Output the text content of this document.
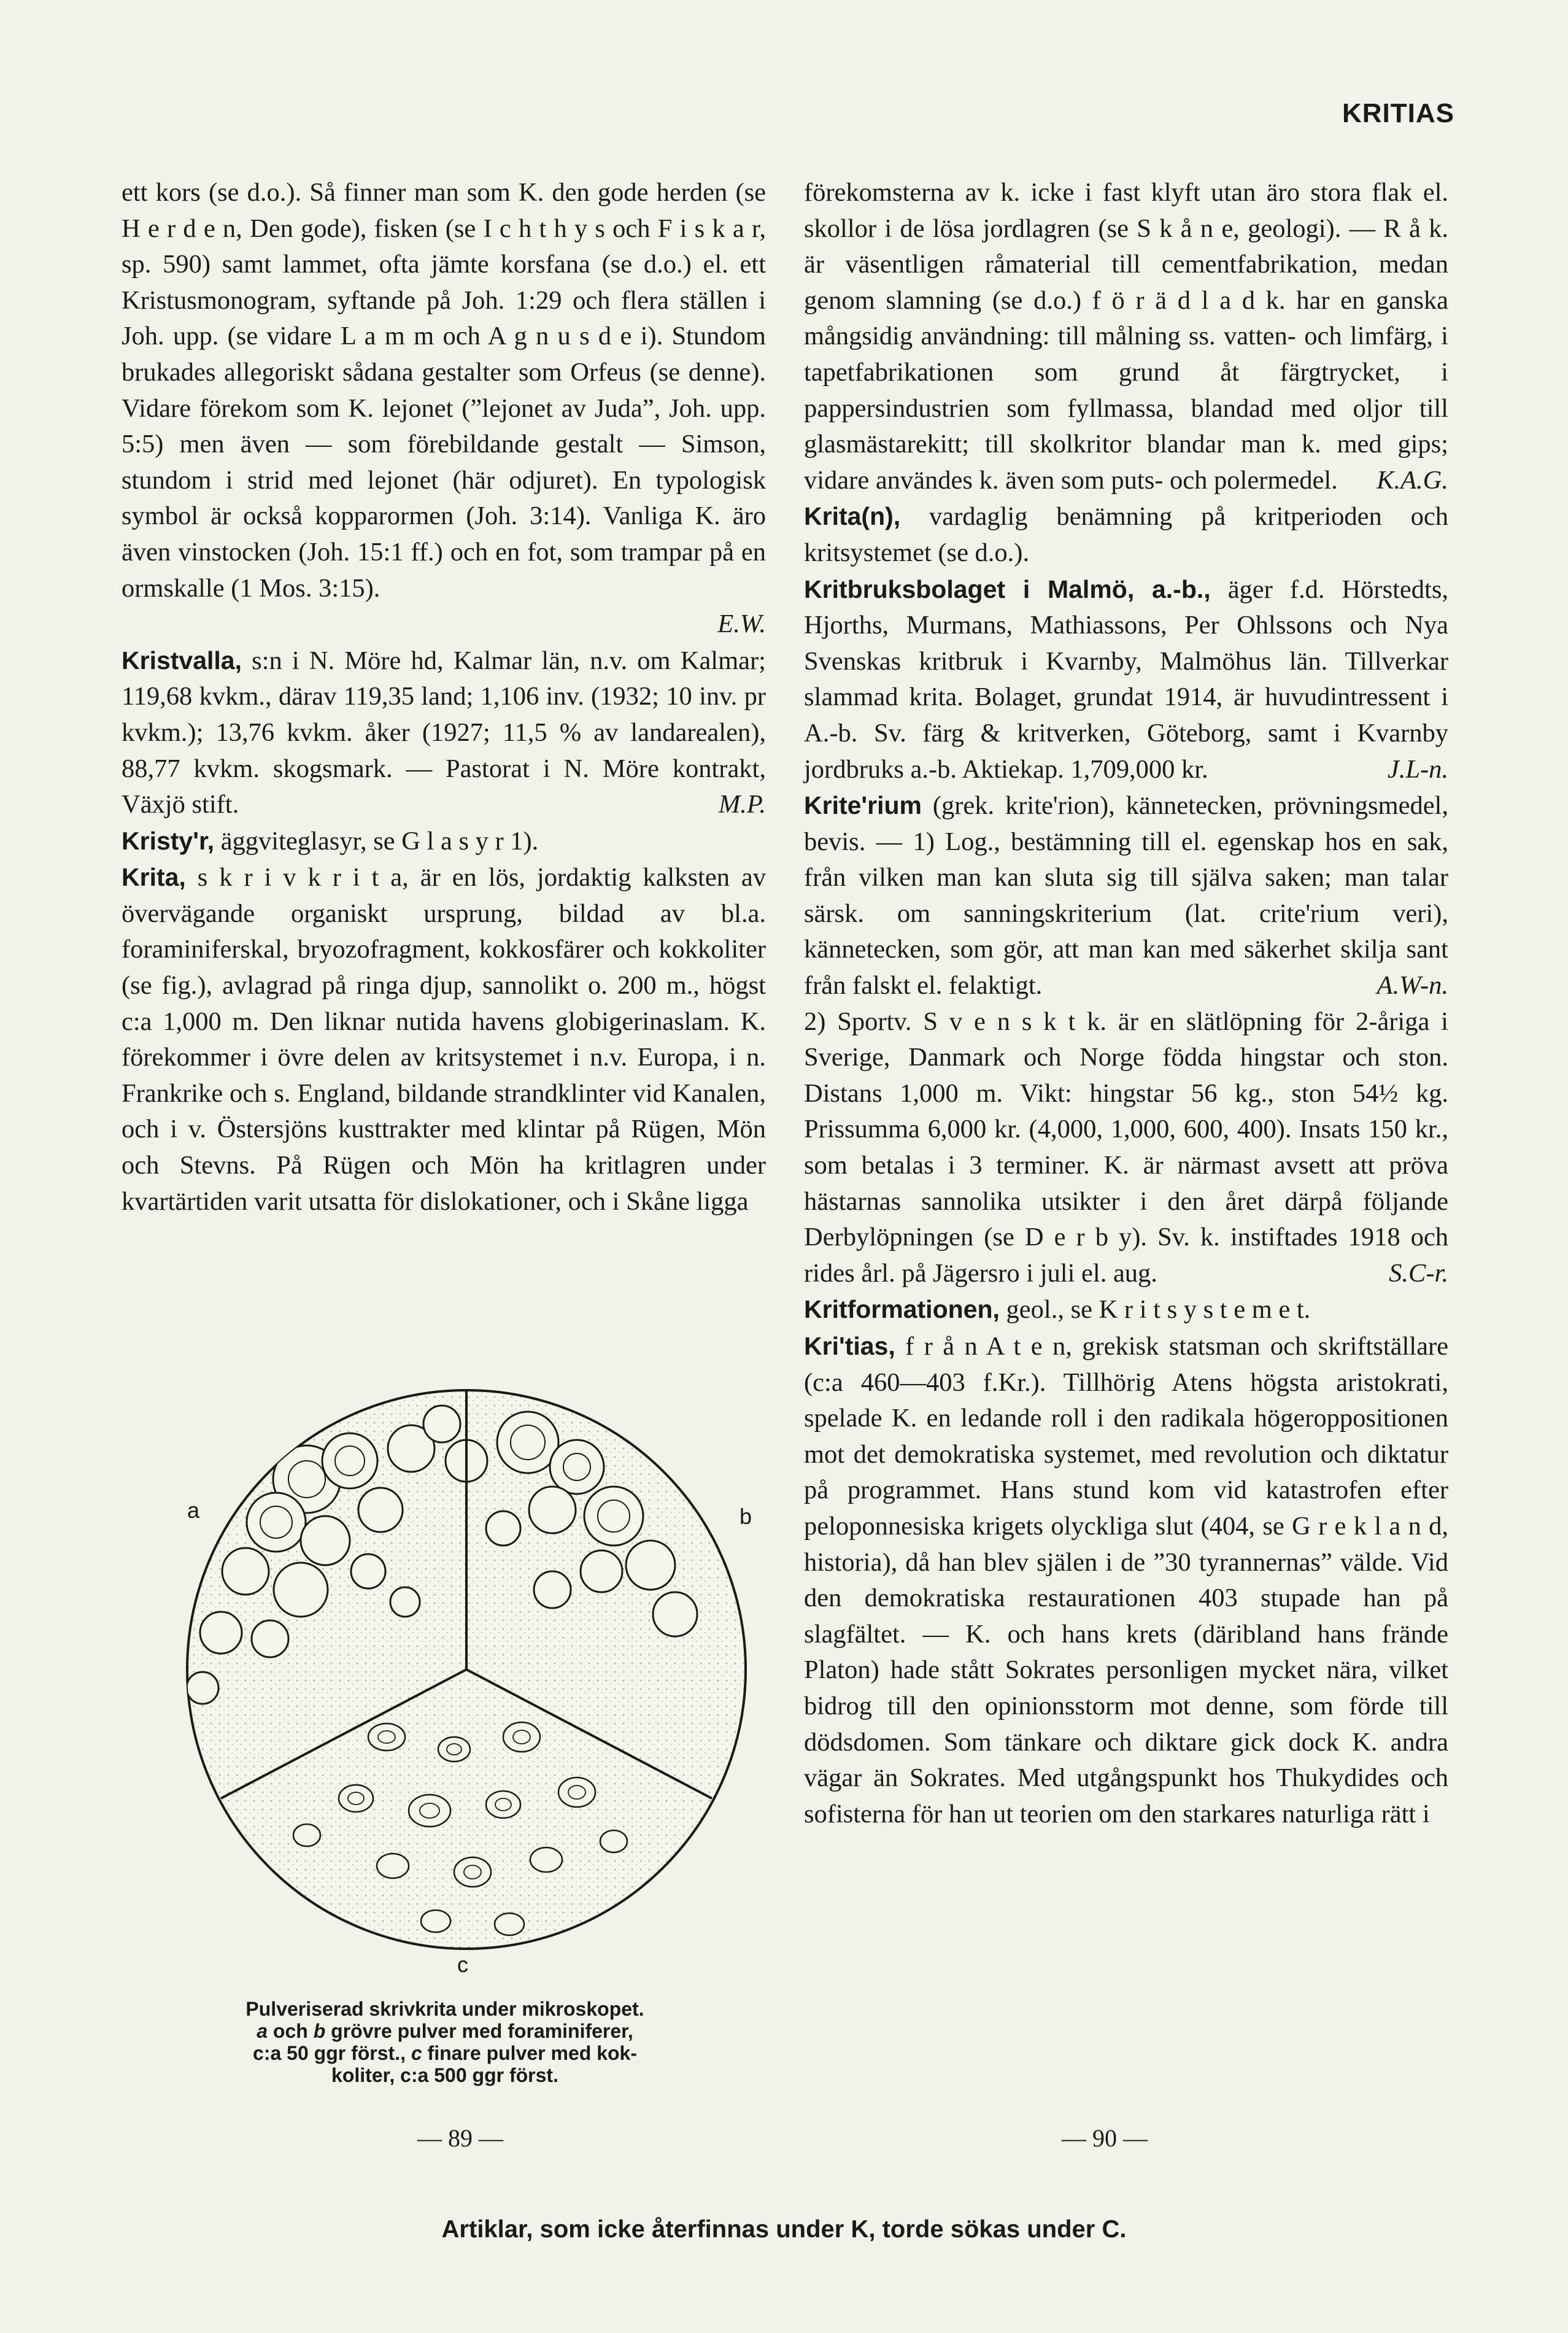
KRITIAS

ett kors (se d.o.). Så finner man som K. den gode herden (se H e r d e n, Den gode), fisken (se I c h t h y s och F i s k a r, sp. 590) samt lammet, ofta jämte korsfana (se d.o.) el. ett Kristusmonogram, syftande på Joh. 1:29 och flera ställen i Joh. upp. (se vidare L a m m och A g n u s d e i). Stundom brukades allegoriskt sådana gestalter som Orfeus (se denne). Vidare förekom som K. lejonet (”lejonet av Juda”, Joh. upp. 5:5) men även — som förebildande gestalt — Simson, stundom i strid med lejonet (här odjuret). En typologisk symbol är också kopparormen (Joh. 3:14). Vanliga K. äro även vinstocken (Joh. 15:1 ff.) och en fot, som trampar på en ormskalle (1 Mos. 3:15).
E.W.

Kristvalla, s:n i N. Möre hd, Kalmar län, n.v. om Kalmar; 119,68 kvkm., därav 119,35 land; 1,106 inv. (1932; 10 inv. pr kvkm.); 13,76 kvkm. åker (1927; 11,5 % av landarealen), 88,77 kvkm. skogsmark. — Pastorat i N. Möre kontrakt, Växjö stift.	M.P.

Kristy'r, äggviteglasyr, se G l a s y r 1).

Krita, s k r i v k r i t a, är en lös, jordaktig kalksten av övervägande organiskt ursprung, bildad av bl.a. foraminiferskal, bryozofragment, kokkosfärer och kokkoliter (se fig.), avlagrad på ringa djup, sannolikt o. 200 m., högst c:a 1,000 m. Den liknar nutida havens globigerinaslam. K. förekommer i övre delen av kritsystemet i n.v. Europa, i n. Frankrike och s. England, bildande strandklinter vid Kanalen, och i v. Östersjöns kusttrakter med klintar på Rügen, Mön och Stevns. På Rügen och Mön ha kritlagren under kvartärtiden varit utsatta för dislokationer, och i Skåne ligga

a	b
c
Pulveriserad skrivkrita under mikroskopet.
a och b grövre pulver med foraminiferer,
c:a 50 ggr först., c finare pulver med kok-
koliter, c:a 500 ggr först.

förekomsterna av k. icke i fast klyft utan äro stora flak el. skollor i de lösa jordlagren (se S k å n e, geologi). — R å k. är väsentligen råmaterial till cementfabrikation, medan genom slamning (se d.o.) f ö r ä d l a d k. har en ganska mångsidig användning: till målning ss. vatten- och limfärg, i tapetfabrikationen som grund åt färgtrycket, i pappersindustrien som fyllmassa, blandad med oljor till glasmästarekitt; till skolkritor blandar man k. med gips; vidare användes k. även som puts- och polermedel. K.A.G.

Krita(n), vardaglig benämning på kritperioden och kritsystemet (se d.o.).

Kritbruksbolaget i Malmö, a.-b., äger f.d. Hörstedts, Hjorths, Murmans, Mathiassons, Per Ohlssons och Nya Svenskas kritbruk i Kvarnby, Malmöhus län. Tillverkar slammad krita. Bolaget, grundat 1914, är huvudintressent i A.-b. Sv. färg & kritverken, Göteborg, samt i Kvarnby jordbruks a.-b. Aktiekap. 1,709,000 kr.	J.L-n.

Krite'rium (grek. krite'rion), kännetecken, prövningsmedel, bevis. — 1) Log., bestämning till el. egenskap hos en sak, från vilken man kan sluta sig till själva saken; man talar särsk. om sanningskriterium (lat. crite'rium veri), kännetecken, som gör, att man kan med säkerhet skilja sant från falskt el. felaktigt.	A.W-n.

2) Sportv. S v e n s k t k. är en slätlöpning för 2-åriga i Sverige, Danmark och Norge födda hingstar och ston. Distans 1,000 m. Vikt: hingstar 56 kg., ston 54½ kg. Prissumma 6,000 kr. (4,000, 1,000, 600, 400). Insats 150 kr., som betalas i 3 terminer. K. är närmast avsett att pröva hästarnas sannolika utsikter i den året därpå följande Derbylöpningen (se D e r b y). Sv. k. instiftades 1918 och rides årl. på Jägersro i juli el. aug.	S.C-r.

Kritformationen, geol., se K r i t s y s t e m e t.

Kri'tias, f r å n A t e n, grekisk statsman och skriftställare (c:a 460—403 f.Kr.). Tillhörig Atens högsta aristokrati, spelade K. en ledande roll i den radikala högeroppositionen mot det demokratiska systemet, med revolution och diktatur på programmet. Hans stund kom vid katastrofen efter peloponnesiska krigets olyckliga slut (404, se G r e k l a n d, historia), då han blev själen i de ”30 tyrannernas” välde. Vid den demokratiska restaurationen 403 stupade han på slagfältet. — K. och hans krets (däribland hans frände Platon) hade stått Sokrates personligen mycket nära, vilket bidrog till den opinionsstorm mot denne, som förde till dödsdomen. Som tänkare och diktare gick dock K. andra vägar än Sokrates. Med utgångspunkt hos Thukydides och sofisterna för han ut teorien om den starkares naturliga rätt i

— 89 —	— 90 —
Artiklar, som icke återfinnas under K, torde sökas under C.
